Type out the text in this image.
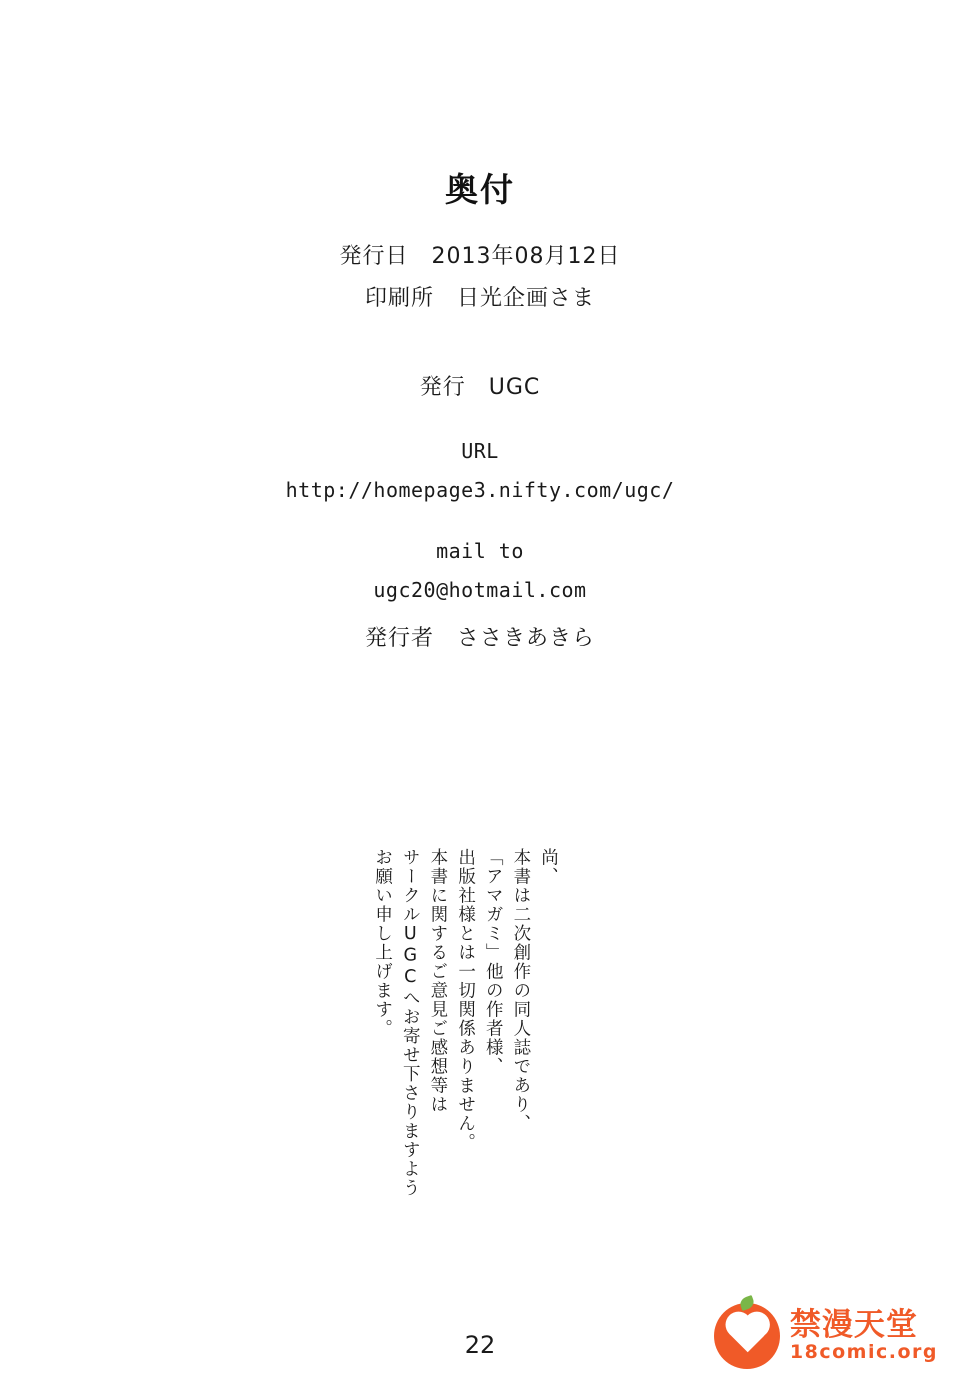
奥付
発行日　2013年08月12日
印刷所　日光企画さま
発行　UGC
URL
http://homepage3.nifty.com/ugc/
mail to
ugc20@hotmail.com
発行者　ささきあきら
尚、
本書は二次創作の同人誌であり、
「アマガミ」他の作者様、
出版社様とは一切関係ありません。
本書に関するご意見ご感想等は
サークルUGCへお寄せ下さりますよう
お願い申し上げます。
22
禁漫天堂
18comic.org
